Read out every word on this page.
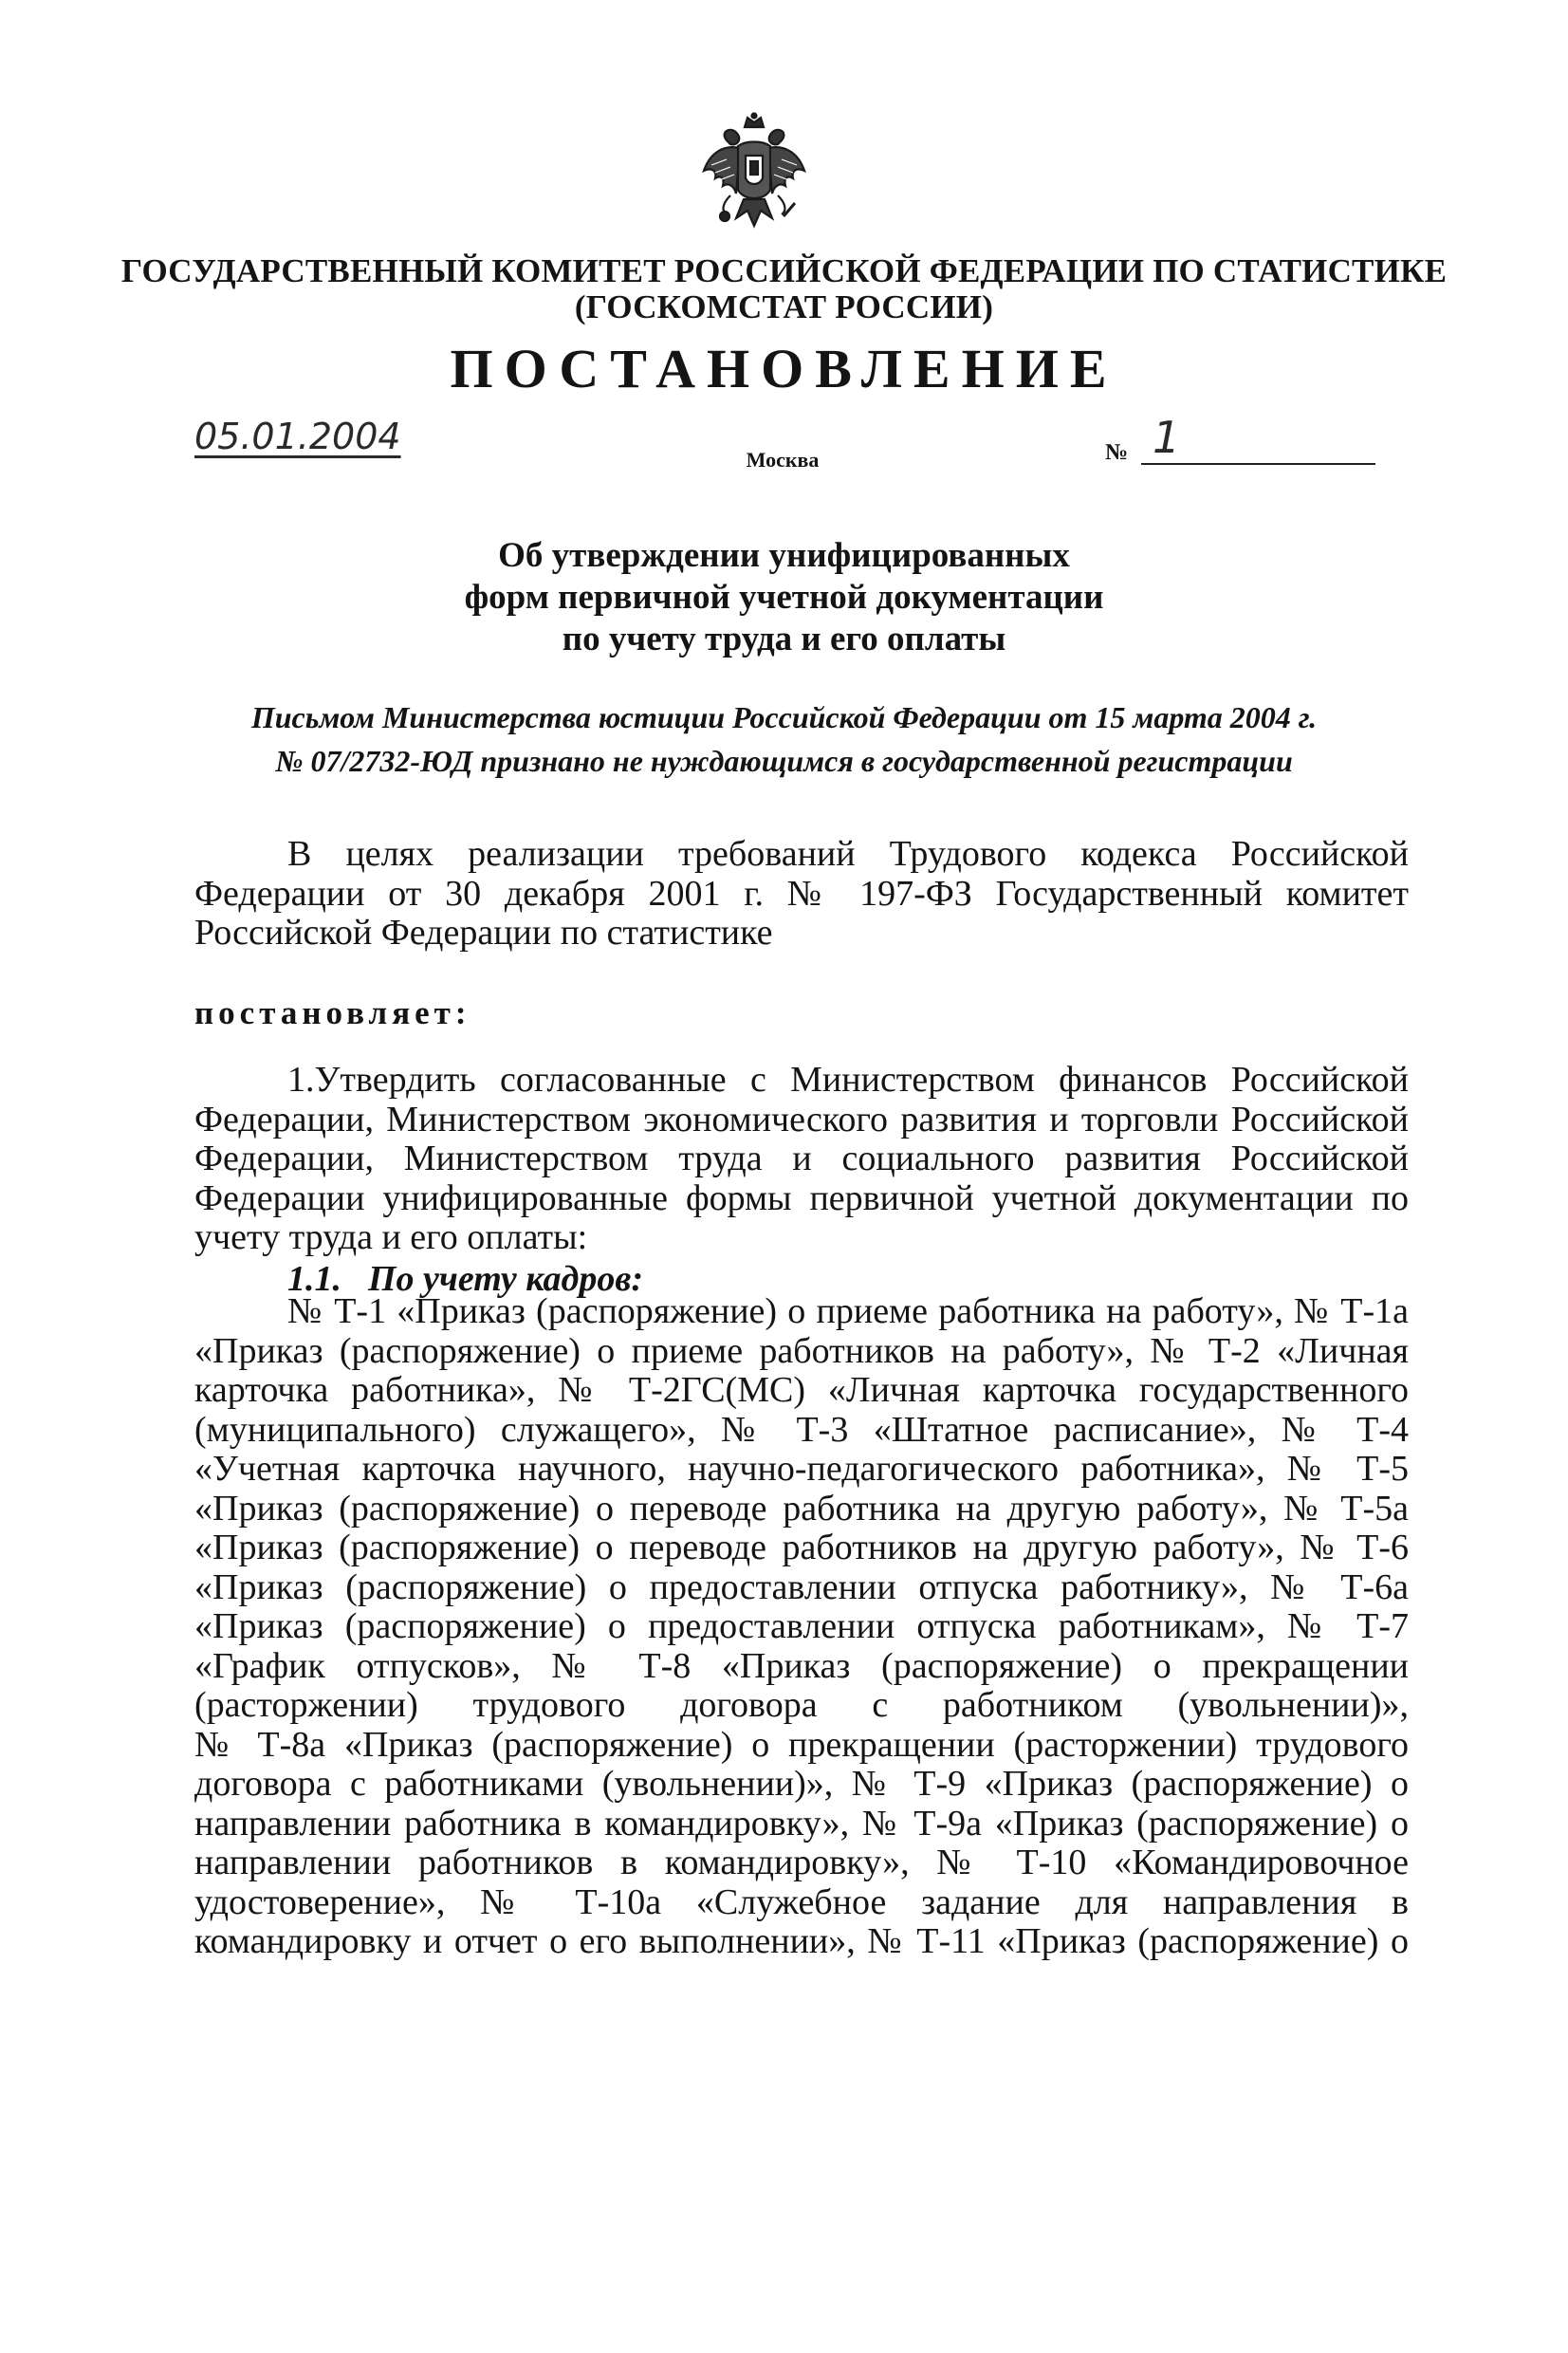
ГОСУДАРСТВЕННЫЙ КОМИТЕТ РОССИЙСКОЙ ФЕДЕРАЦИИ ПО СТАТИСТИКЕ
(ГОСКОМСТАТ РОССИИ)
ПОСТАНОВЛЕНИЕ
05.01.2004
Москва	№ 1
Об утверждении унифицированных
форм первичной учетной документации
по учету труда и его оплаты
Письмом Министерства юстиции Российской Федерации от 15 марта 2004 г.
№ 07/2732-ЮД признано не нуждающимся в государственной регистрации
В целях реализации требований Трудового кодекса Российской
Федерации от 30 декабря 2001 г. № 197-ФЗ Государственный комитет
Российской Федерации по статистике
постановляет:
1.Утвердить согласованные с Министерством финансов Российской
Федерации, Министерством экономического развития и торговли Российской
Федерации, Министерством труда и социального развития Российской
Федерации унифицированные формы первичной учетной документации по
учету труда и его оплаты:
1.1. По учету кадров:
№ Т-1 «Приказ (распоряжение) о приеме работника на работу», № Т-1а
«Приказ (распоряжение) о приеме работников на работу», № Т-2 «Личная
карточка работника», № Т-2ГС(МС) «Личная карточка государственного
(муниципального) служащего», № Т-3 «Штатное расписание», № Т-4
«Учетная карточка научного, научно-педагогического работника», № Т-5
«Приказ (распоряжение) о переводе работника на другую работу», № Т-5а
«Приказ (распоряжение) о переводе работников на другую работу», № Т-6
«Приказ (распоряжение) о предоставлении отпуска работнику», № Т-6а
«Приказ (распоряжение) о предоставлении отпуска работникам», № Т-7
«График отпусков», № Т-8 «Приказ (распоряжение) о прекращении
(расторжении) трудового договора с работником (увольнении)»,
№ Т-8а «Приказ (распоряжение) о прекращении (расторжении) трудового
договора с работниками (увольнении)», № Т-9 «Приказ (распоряжение) о
направлении работника в командировку», № Т-9а «Приказ (распоряжение) о
направлении работников в командировку», № Т-10 «Командировочное
удостоверение», № Т-10а «Служебное задание для направления в
командировку и отчет о его выполнении», № Т-11 «Приказ (распоряжение) о
